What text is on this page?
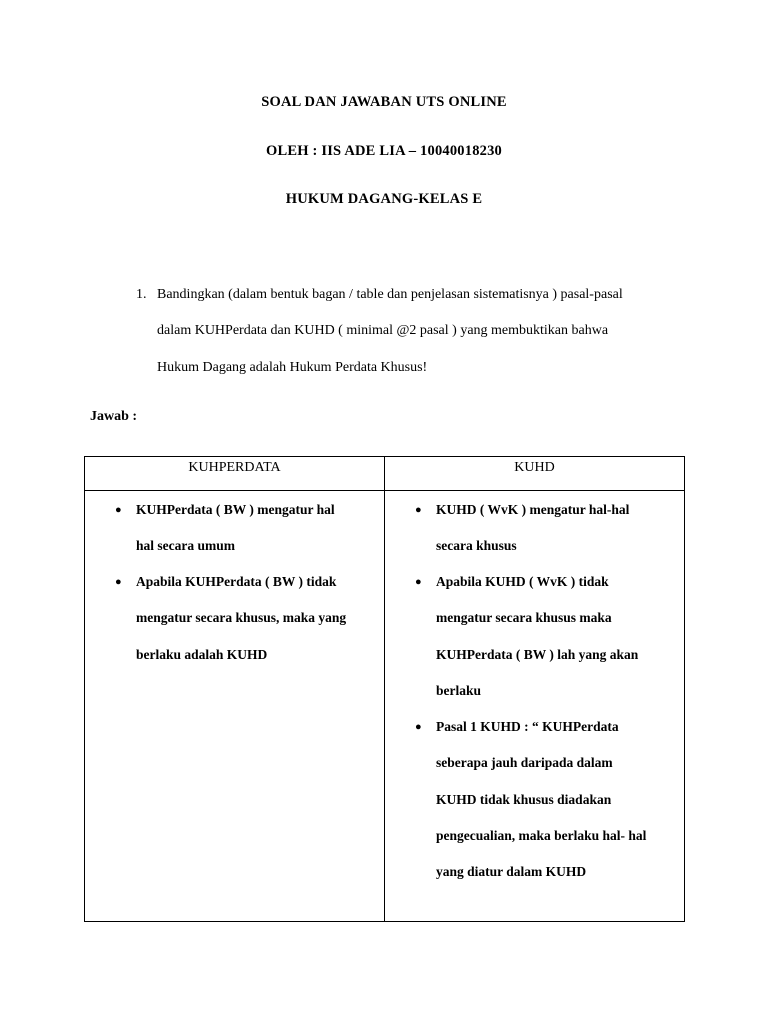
SOAL DAN JAWABAN UTS ONLINE
OLEH : IIS ADE LIA – 10040018230
HUKUM DAGANG-KELAS E
1. Bandingkan (dalam bentuk bagan / table dan penjelasan sistematisnya ) pasal-pasal
dalam KUHPerdata dan KUHD ( minimal @2 pasal ) yang membuktikan bahwa
Hukum Dagang adalah Hukum Perdata Khusus!
Jawab :
KUHPERDATA	KUHD
● KUHPerdata ( BW ) mengatur hal
hal secara umum
● Apabila KUHPerdata ( BW ) tidak
mengatur secara khusus, maka yang
berlaku adalah KUHD
● KUHD ( WvK ) mengatur hal-hal
secara khusus
● Apabila KUHD ( WvK ) tidak
mengatur secara khusus maka
KUHPerdata ( BW ) lah yang akan
berlaku
● Pasal 1 KUHD : “ KUHPerdata
seberapa jauh daripada dalam
KUHD tidak khusus diadakan
pengecualian, maka berlaku hal- hal
yang diatur dalam KUHD
